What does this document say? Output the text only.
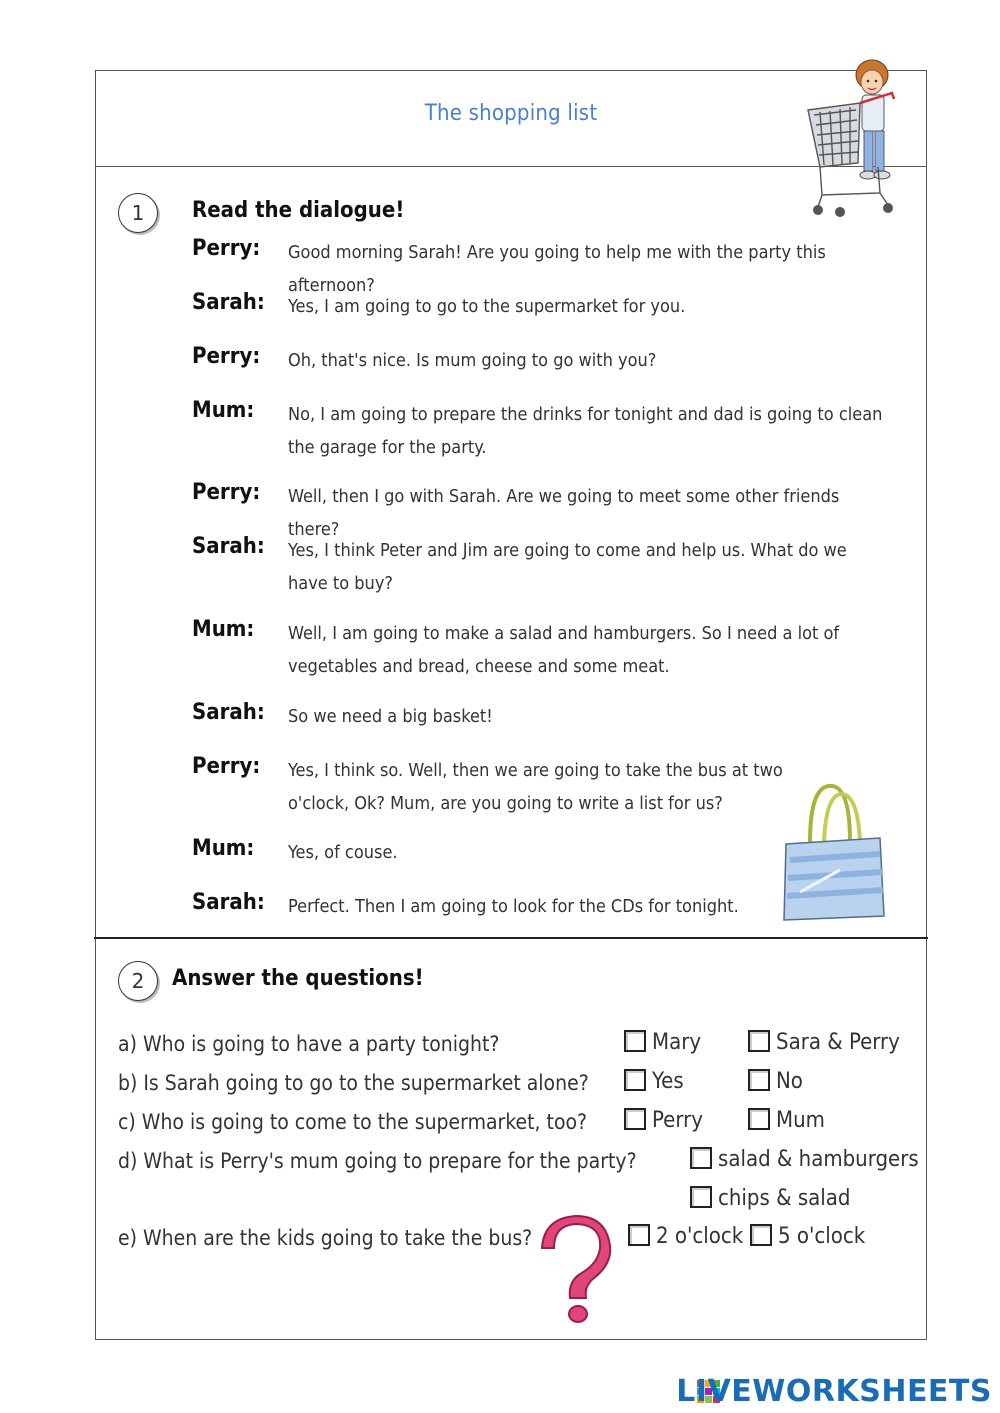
The shopping list
1	Read the dialogue!
Perry:	Good morning Sarah! Are you going to help me with the party this afternoon?
Sarah:	Yes, I am going to go to the supermarket for you.
Perry:	Oh, that's nice. Is mum going to go with you?
Mum:	No, I am going to prepare the drinks for tonight and dad is going to clean the garage for the party.
Perry:	Well, then I go with Sarah. Are we going to meet some other friends there?
Sarah:	Yes, I think Peter and Jim are going to come and help us. What do we have to buy?
Mum:	Well, I am going to make a salad and hamburgers. So I need a lot of vegetables and bread, cheese and some meat.
Sarah:	So we need a big basket!
Perry:	Yes, I think so. Well, then we are going to take the bus at two o'clock, Ok? Mum, are you going to write a list for us?
Mum:	Yes, of couse.
Sarah:	Perfect. Then I am going to look for the CDs for tonight.
2	Answer the questions!
a) Who is going to have a party tonight?	Mary	Sara & Perry
b) Is Sarah going to go to the supermarket alone?	Yes	No
c) Who is going to come to the supermarket, too?	Perry	Mum
d) What is Perry's mum going to prepare for the party?	salad & hamburgers
chips & salad
e) When are the kids going to take the bus?	2 o'clock	5 o'clock
LIVEWORKSHEETS
